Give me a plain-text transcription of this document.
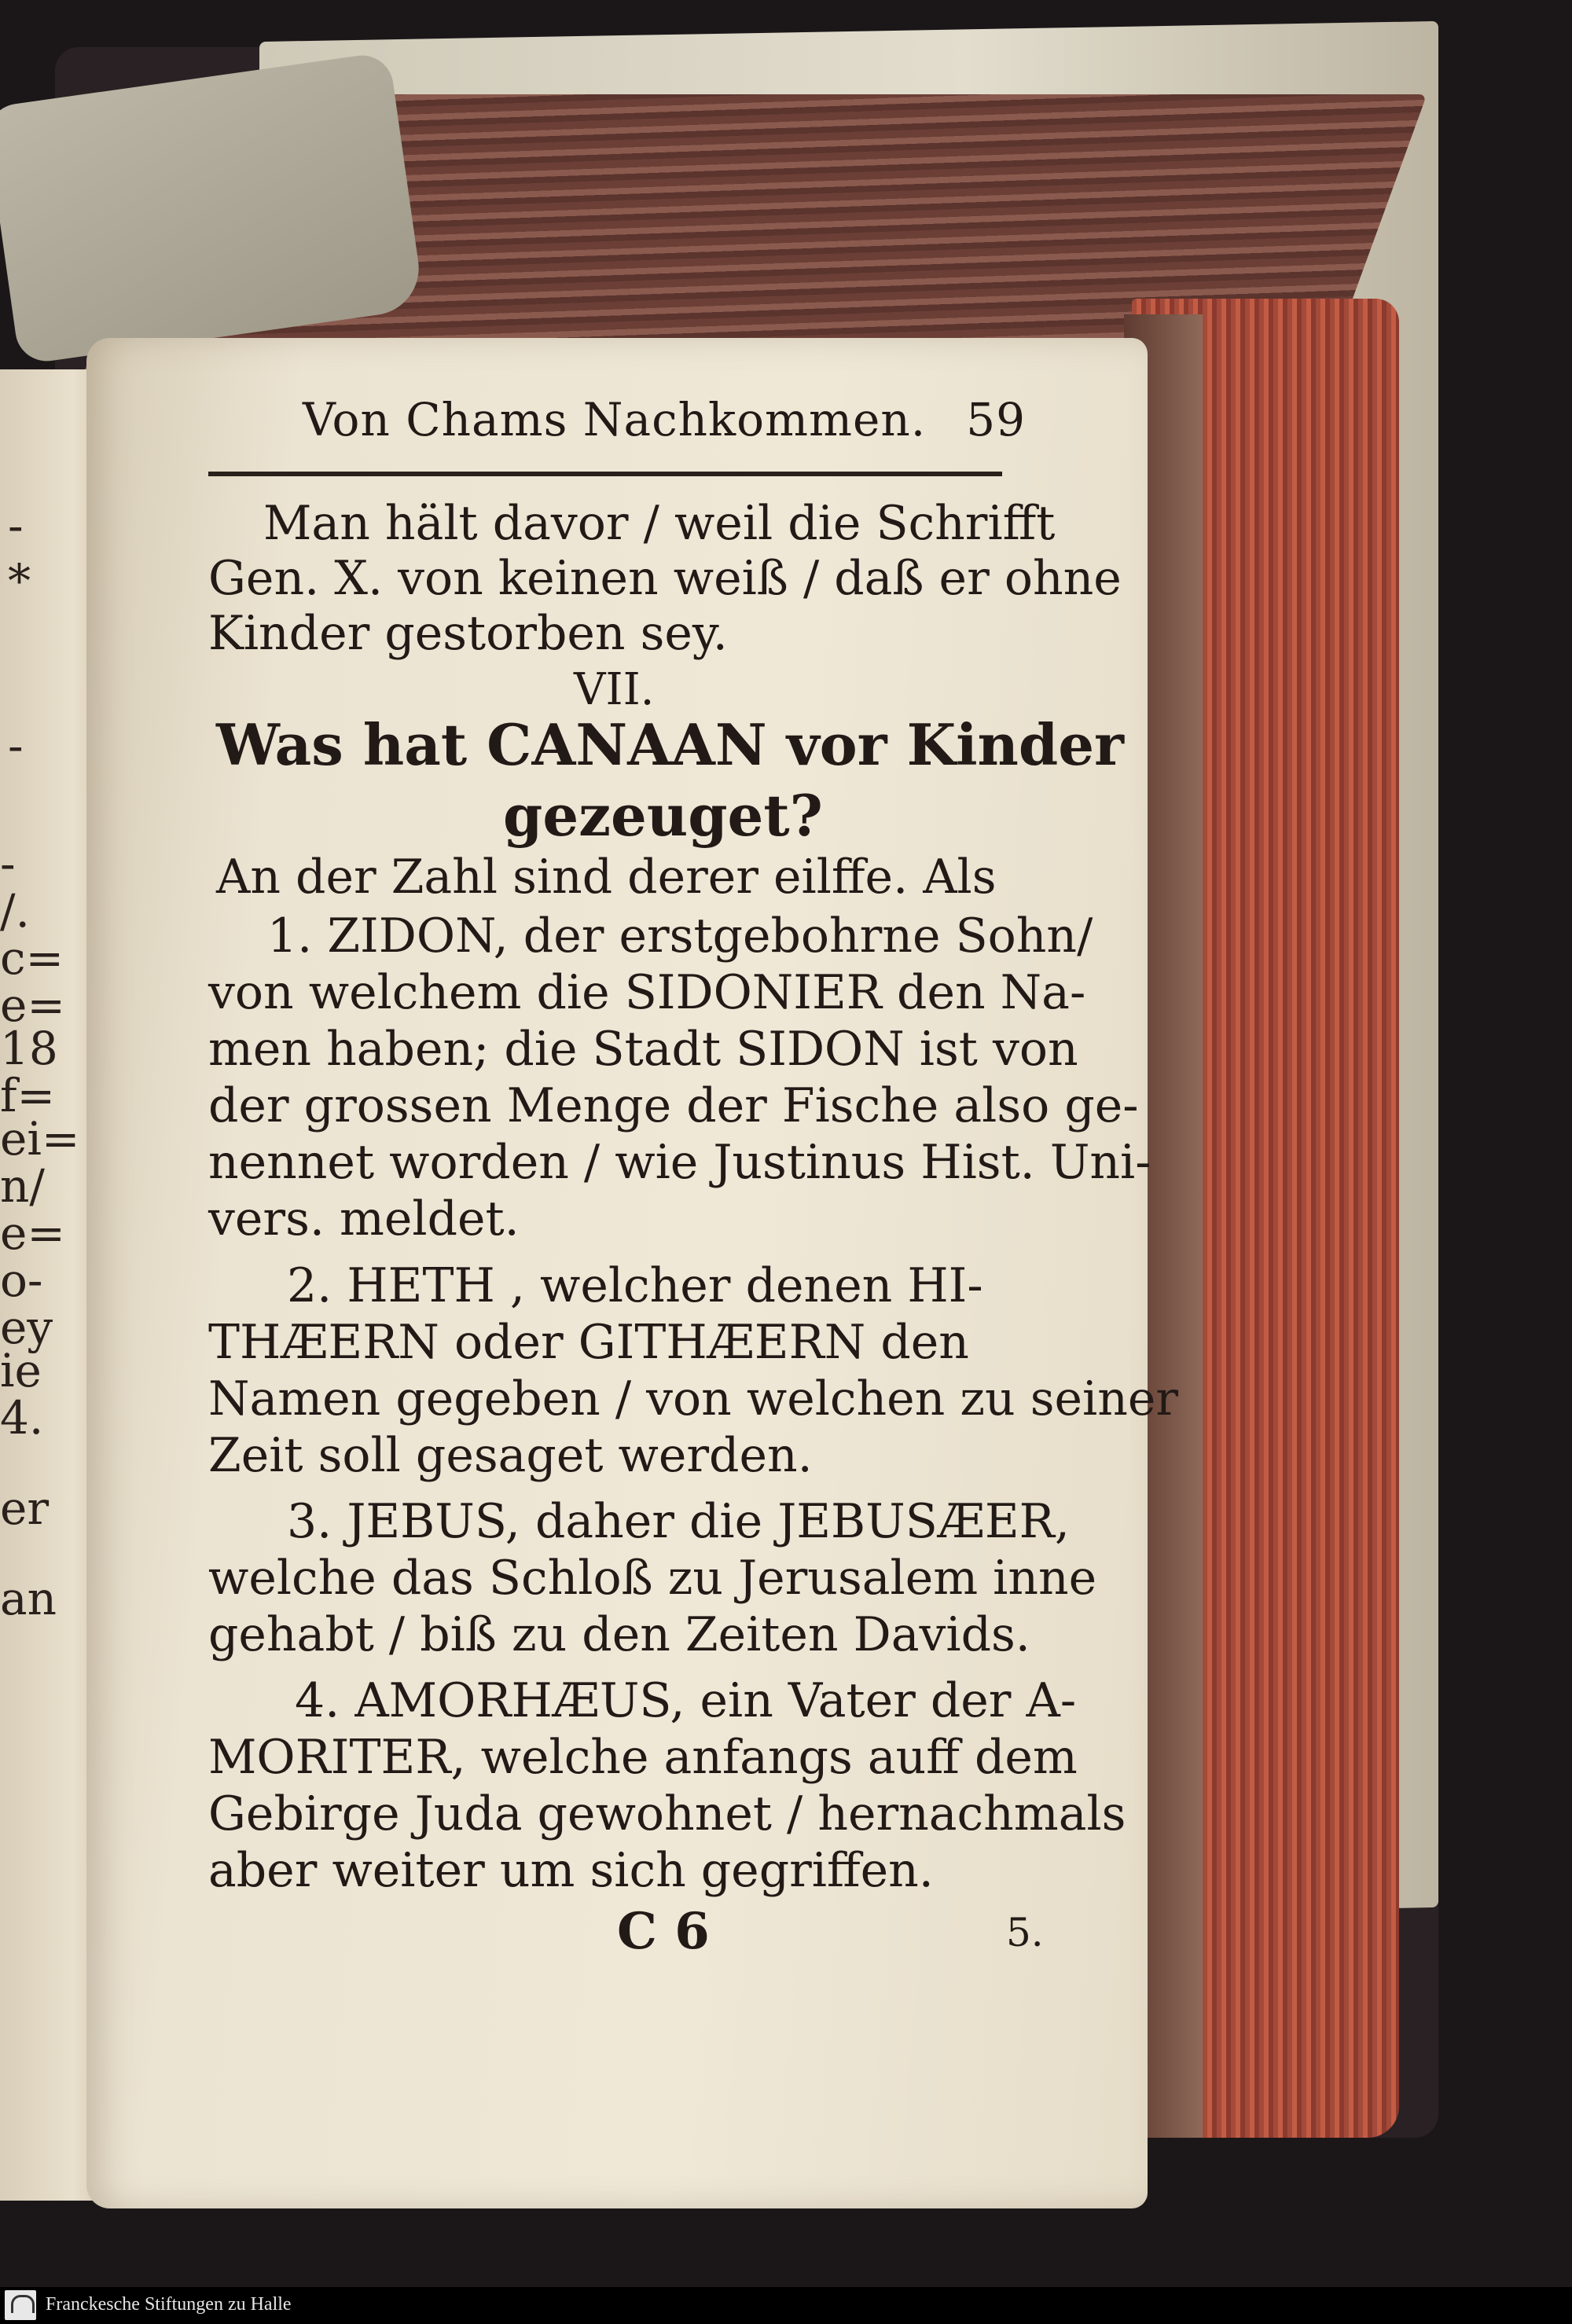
-
*
-
-
/.
c=
e=
18
f=
ei=
n/
e=
o-
ey
ie
4.
er
an
Von Chams Nachkommen. 59
Man hält davor / weil die Schrifft
Gen. X. von keinen weiß / daß er ohne
Kinder gestorben sey.
VII.
Was hat CANAAN vor Kinder
gezeuget?
An der Zahl sind derer eilffe. Als
1. ZIDON, der erstgebohrne Sohn/
von welchem die SIDONIER den Na-
men haben; die Stadt SIDON ist von
der grossen Menge der Fische also ge-
nennet worden / wie Justinus Hist. Uni-
vers. meldet.
2. HETH , welcher denen HI-
THÆERN oder GITHÆERN den
Namen gegeben / von welchen zu seiner
Zeit soll gesaget werden.
3. JEBUS, daher die JEBUSÆER,
welche das Schloß zu Jerusalem inne
gehabt / biß zu den Zeiten Davids.
4. AMORHÆUS, ein Vater der A-
MORITER, welche anfangs auff dem
Gebirge Juda gewohnet / hernachmals
aber weiter um sich gegriffen.
C 6	5.
Franckesche Stiftungen zu Halle
